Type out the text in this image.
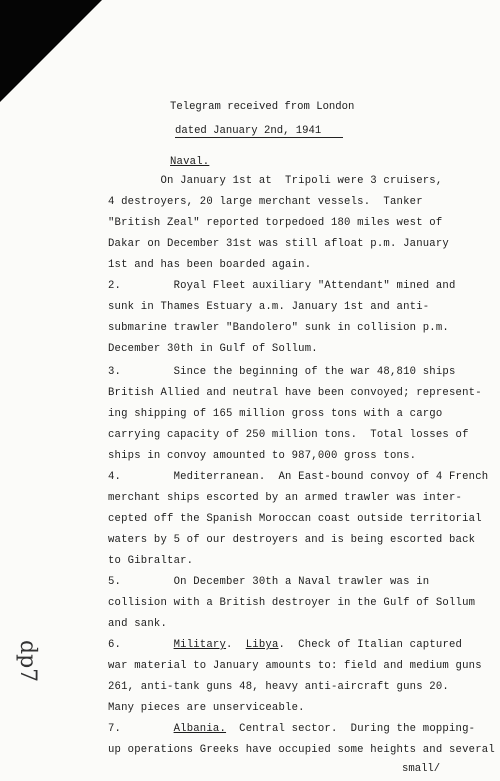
Telegram received from London
dated January 2nd, 1941
Naval.
On January 1st at  Tripoli were 3 cruisers,
4 destroyers, 20 large merchant vessels.  Tanker
"British Zeal" reported torpedoed 180 miles west of
Dakar on December 31st was still afloat p.m. January
1st and has been boarded again.
2.        Royal Fleet auxiliary "Attendant" mined and
sunk in Thames Estuary a.m. January 1st and anti-
submarine trawler "Bandolero" sunk in collision p.m.
December 30th in Gulf of Sollum.
3.        Since the beginning of the war 48,810 ships
British Allied and neutral have been convoyed; represent-
ing shipping of 165 million gross tons with a cargo
carrying capacity of 250 million tons.  Total losses of
ships in convoy amounted to 987,000 gross tons.
4.        Mediterranean.  An East-bound convoy of 4 French
merchant ships escorted by an armed trawler was inter-
cepted off the Spanish Moroccan coast outside territorial
waters by 5 of our destroyers and is being escorted back
to Gibraltar.
5.        On December 30th a Naval trawler was in
collision with a British destroyer in the Gulf of Sollum
and sank.
6.        Military.  Libya.  Check of Italian captured
war material to January amounts to: field and medium guns
261, anti-tank guns 48, heavy anti-aircraft guns 20.
Many pieces are unserviceable.
7.        Albania.  Central sector.  During the mopping-
up operations Greeks have occupied some heights and several
small/
dp7
